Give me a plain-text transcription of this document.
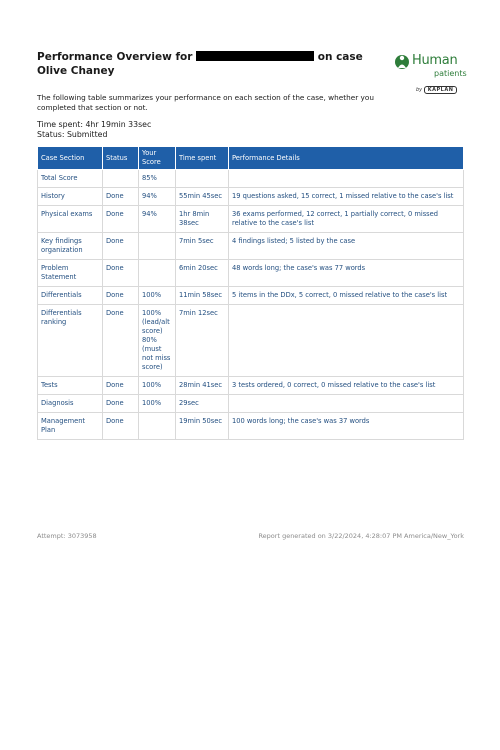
Performance Overview for	on case Olive Chaney
Human
patients
by KAPLAN
The following table summarizes your performance on each section of the case, whether you completed that section or not.
Time spent: 4hr 19min 33sec
Status: Submitted
Case Section	Status	Your Score	Time spent	Performance Details
Total Score		85%		
History	Done	94%	55min 45sec	19 questions asked, 15 correct, 1 missed relative to the case's list
Physical exams	Done	94%	1hr 8min 38sec	36 exams performed, 12 correct, 1 partially correct, 0 missed relative to the case's list
Key findings organization	Done		7min 5sec	4 findings listed; 5 listed by the case
Problem Statement	Done		6min 20sec	48 words long; the case's was 77 words
Differentials	Done	100%	11min 58sec	5 items in the DDx, 5 correct, 0 missed relative to the case's list
Differentials ranking	Done	100% (lead/alt score) 80% (must not miss score)	7min 12sec	
Tests	Done	100%	28min 41sec	3 tests ordered, 0 correct, 0 missed relative to the case's list
Diagnosis	Done	100%	29sec	
Management Plan	Done		19min 50sec	100 words long; the case's was 37 words
Attempt: 3073958	Report generated on 3/22/2024, 4:28:07 PM America/New_York
